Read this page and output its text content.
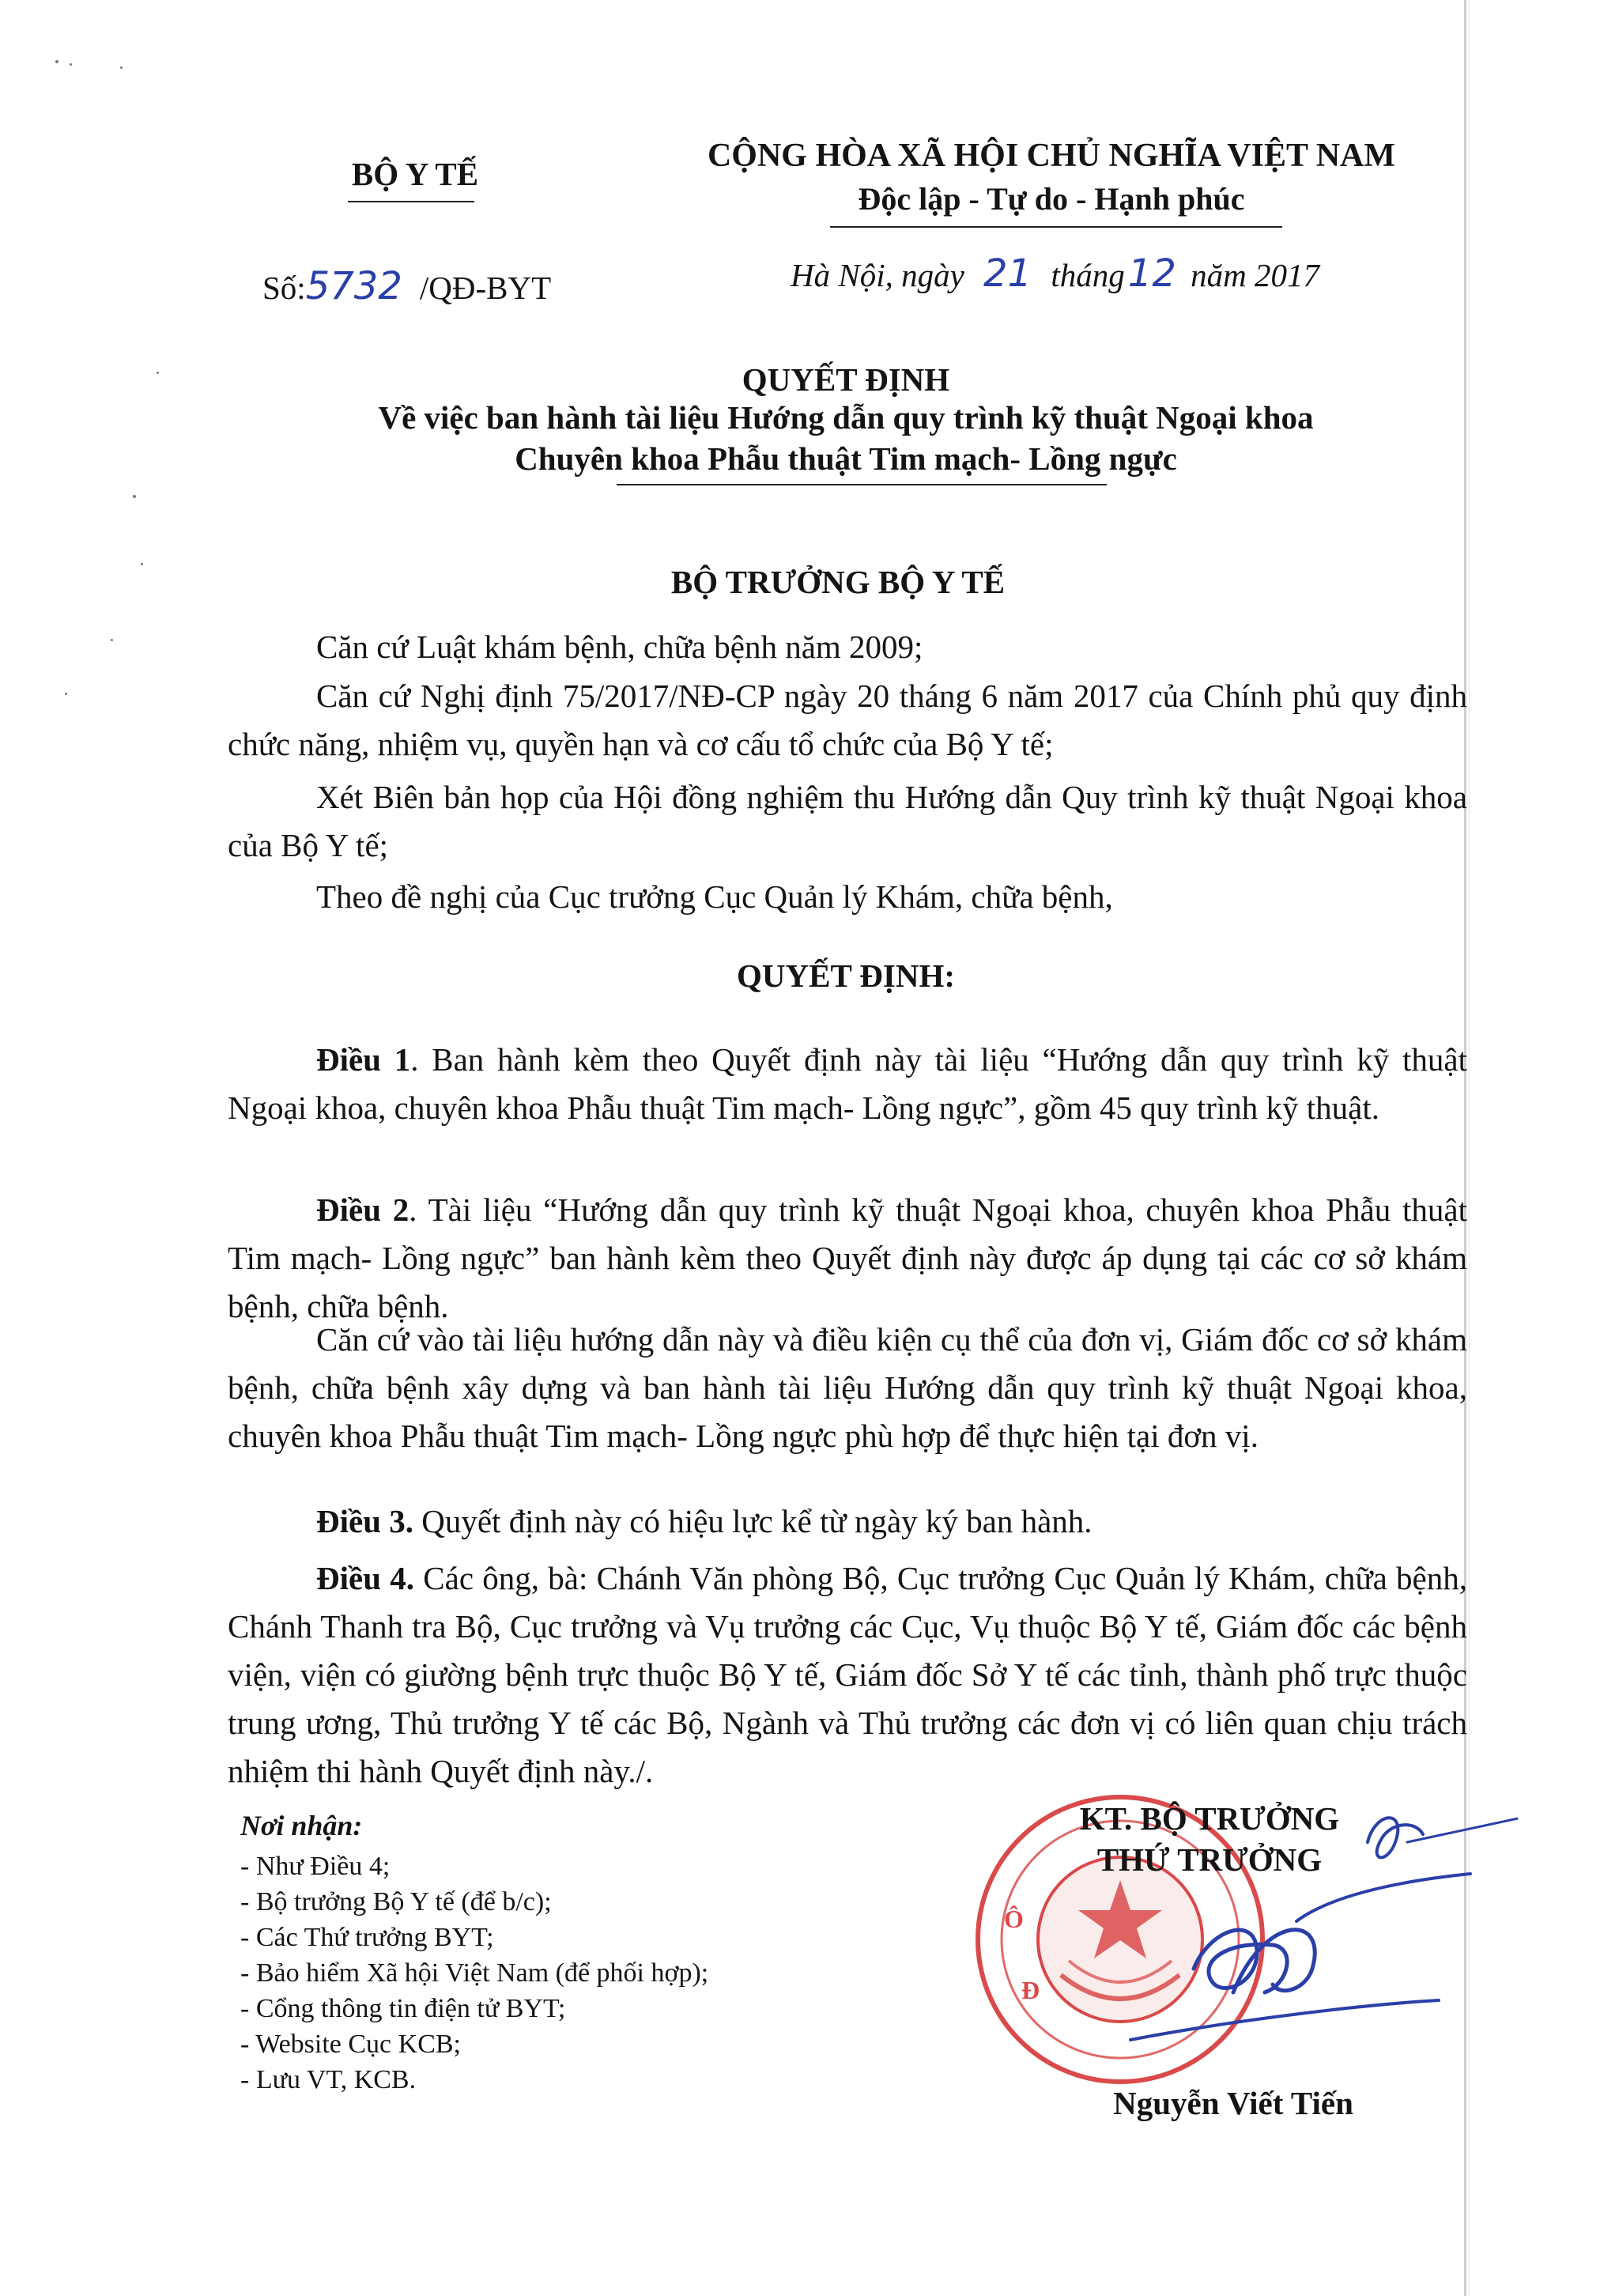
BỘ Y TẾ	CỘNG HÒA XÃ HỘI CHỦ NGHĨA VIỆT NAM
Độc lập - Tự do - Hạnh phúc
Số:5732 /QĐ-BYT	Hà Nội, ngày 21 tháng12 năm 2017
QUYẾT ĐỊNH
Về việc ban hành tài liệu Hướng dẫn quy trình kỹ thuật Ngoại khoa
Chuyên khoa Phẫu thuật Tim mạch- Lồng ngực
BỘ TRƯỞNG BỘ Y TẾ
Căn cứ Luật khám bệnh, chữa bệnh năm 2009;
Căn cứ Nghị định 75/2017/NĐ-CP ngày 20 tháng 6 năm 2017 của Chính phủ quy định chức năng, nhiệm vụ, quyền hạn và cơ cấu tổ chức của Bộ Y tế;
Xét Biên bản họp của Hội đồng nghiệm thu Hướng dẫn Quy trình kỹ thuật Ngoại khoa của Bộ Y tế;
Theo đề nghị của Cục trưởng Cục Quản lý Khám, chữa bệnh,
QUYẾT ĐỊNH:
Điều 1. Ban hành kèm theo Quyết định này tài liệu “Hướng dẫn quy trình kỹ thuật Ngoại khoa, chuyên khoa Phẫu thuật Tim mạch- Lồng ngực”, gồm 45 quy trình kỹ thuật.
Điều 2. Tài liệu “Hướng dẫn quy trình kỹ thuật Ngoại khoa, chuyên khoa Phẫu thuật Tim mạch- Lồng ngực” ban hành kèm theo Quyết định này được áp dụng tại các cơ sở khám bệnh, chữa bệnh.
Căn cứ vào tài liệu hướng dẫn này và điều kiện cụ thể của đơn vị, Giám đốc cơ sở khám bệnh, chữa bệnh xây dựng và ban hành tài liệu Hướng dẫn quy trình kỹ thuật Ngoại khoa, chuyên khoa Phẫu thuật Tim mạch- Lồng ngực phù hợp để thực hiện tại đơn vị.
Điều 3. Quyết định này có hiệu lực kể từ ngày ký ban hành.
Điều 4. Các ông, bà: Chánh Văn phòng Bộ, Cục trưởng Cục Quản lý Khám, chữa bệnh, Chánh Thanh tra Bộ, Cục trưởng và Vụ trưởng các Cục, Vụ thuộc Bộ Y tế, Giám đốc các bệnh viện, viện có giường bệnh trực thuộc Bộ Y tế, Giám đốc Sở Y tế các tỉnh, thành phố trực thuộc trung ương, Thủ trưởng Y tế các Bộ, Ngành và Thủ trưởng các đơn vị có liên quan chịu trách nhiệm thi hành Quyết định này./.
Nơi nhận:
- Như Điều 4;
- Bộ trưởng Bộ Y tế (để b/c);
- Các Thứ trưởng BYT;
- Bảo hiểm Xã hội Việt Nam (để phối hợp);
- Cổng thông tin điện tử BYT;
- Website Cục KCB;
- Lưu VT, KCB.
Ô
Đ
KT. BỘ TRƯỞNG
THỨ TRƯỞNG
Nguyễn Viết Tiến
